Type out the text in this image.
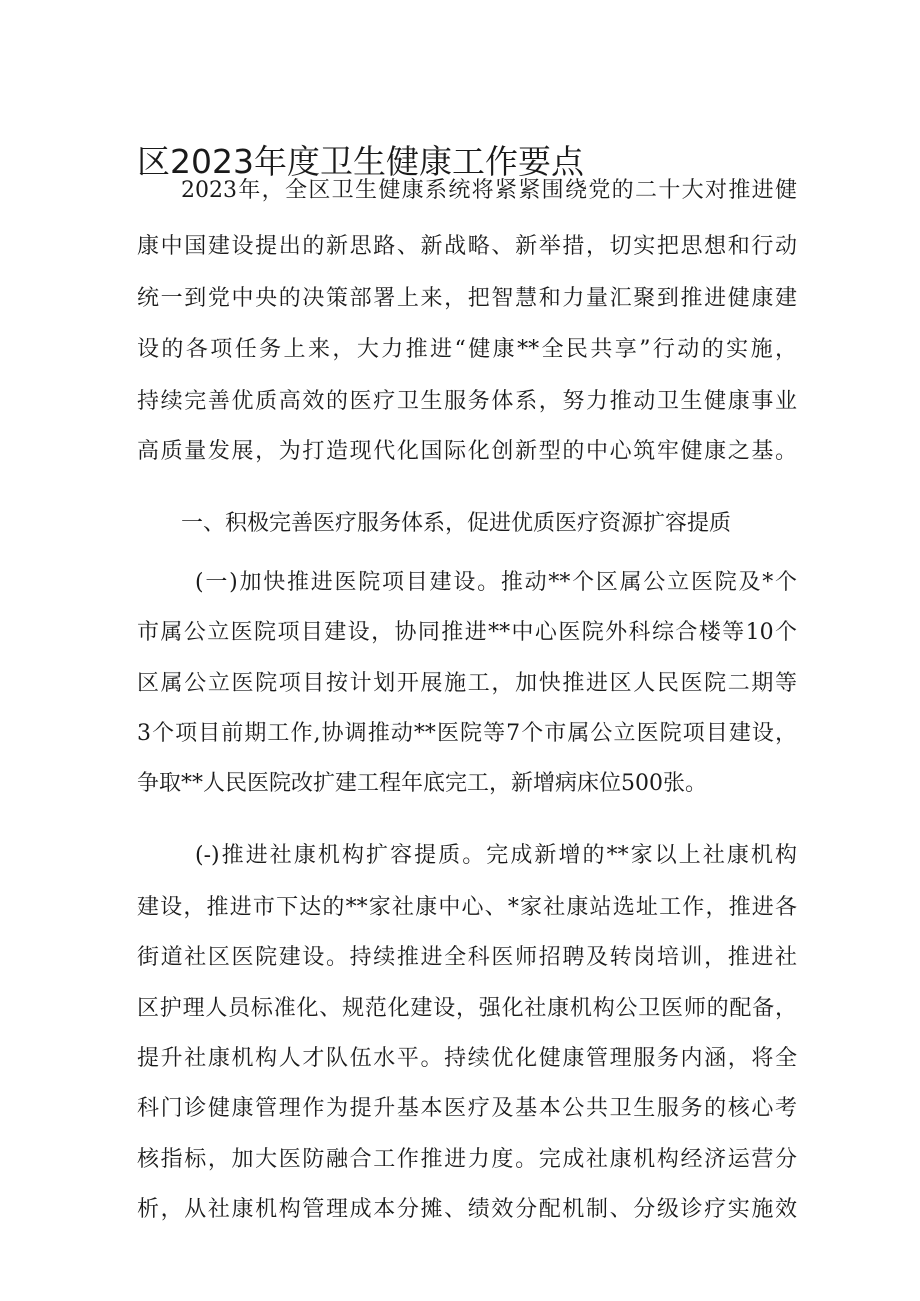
区2023年度卫生健康工作要点

2023年，全区卫生健康系统将紧紧围绕党的二十大对推进健

康中国建设提出的新思路、新战略、新举措，切实把思想和行动

统一到党中央的决策部署上来，把智慧和力量汇聚到推进健康建

设的各项任务上来，大力推进“健康**全民共享”行动的实施，

持续完善优质高效的医疗卫生服务体系，努力推动卫生健康事业

高质量发展，为打造现代化国际化创新型的中心筑牢健康之基。

一、积极完善医疗服务体系，促进优质医疗资源扩容提质

(一)加快推进医院项目建设。推动**个区属公立医院及*个

市属公立医院项目建设，协同推进**中心医院外科综合楼等10个

区属公立医院项目按计划开展施工，加快推进区人民医院二期等

3个项目前期工作,协调推动**医院等7个市属公立医院项目建设，

争取**人民医院改扩建工程年底完工，新增病床位500张。

(-)推进社康机构扩容提质。完成新增的**家以上社康机构

建设，推进市下达的**家社康中心、*家社康站选址工作，推进各

街道社区医院建设。持续推进全科医师招聘及转岗培训，推进社

区护理人员标准化、规范化建设，强化社康机构公卫医师的配备，

提升社康机构人才队伍水平。持续优化健康管理服务内涵，将全

科门诊健康管理作为提升基本医疗及基本公共卫生服务的核心考

核指标，加大医防融合工作推进力度。完成社康机构经济运营分

析，从社康机构管理成本分摊、绩效分配机制、分级诊疗实施效
